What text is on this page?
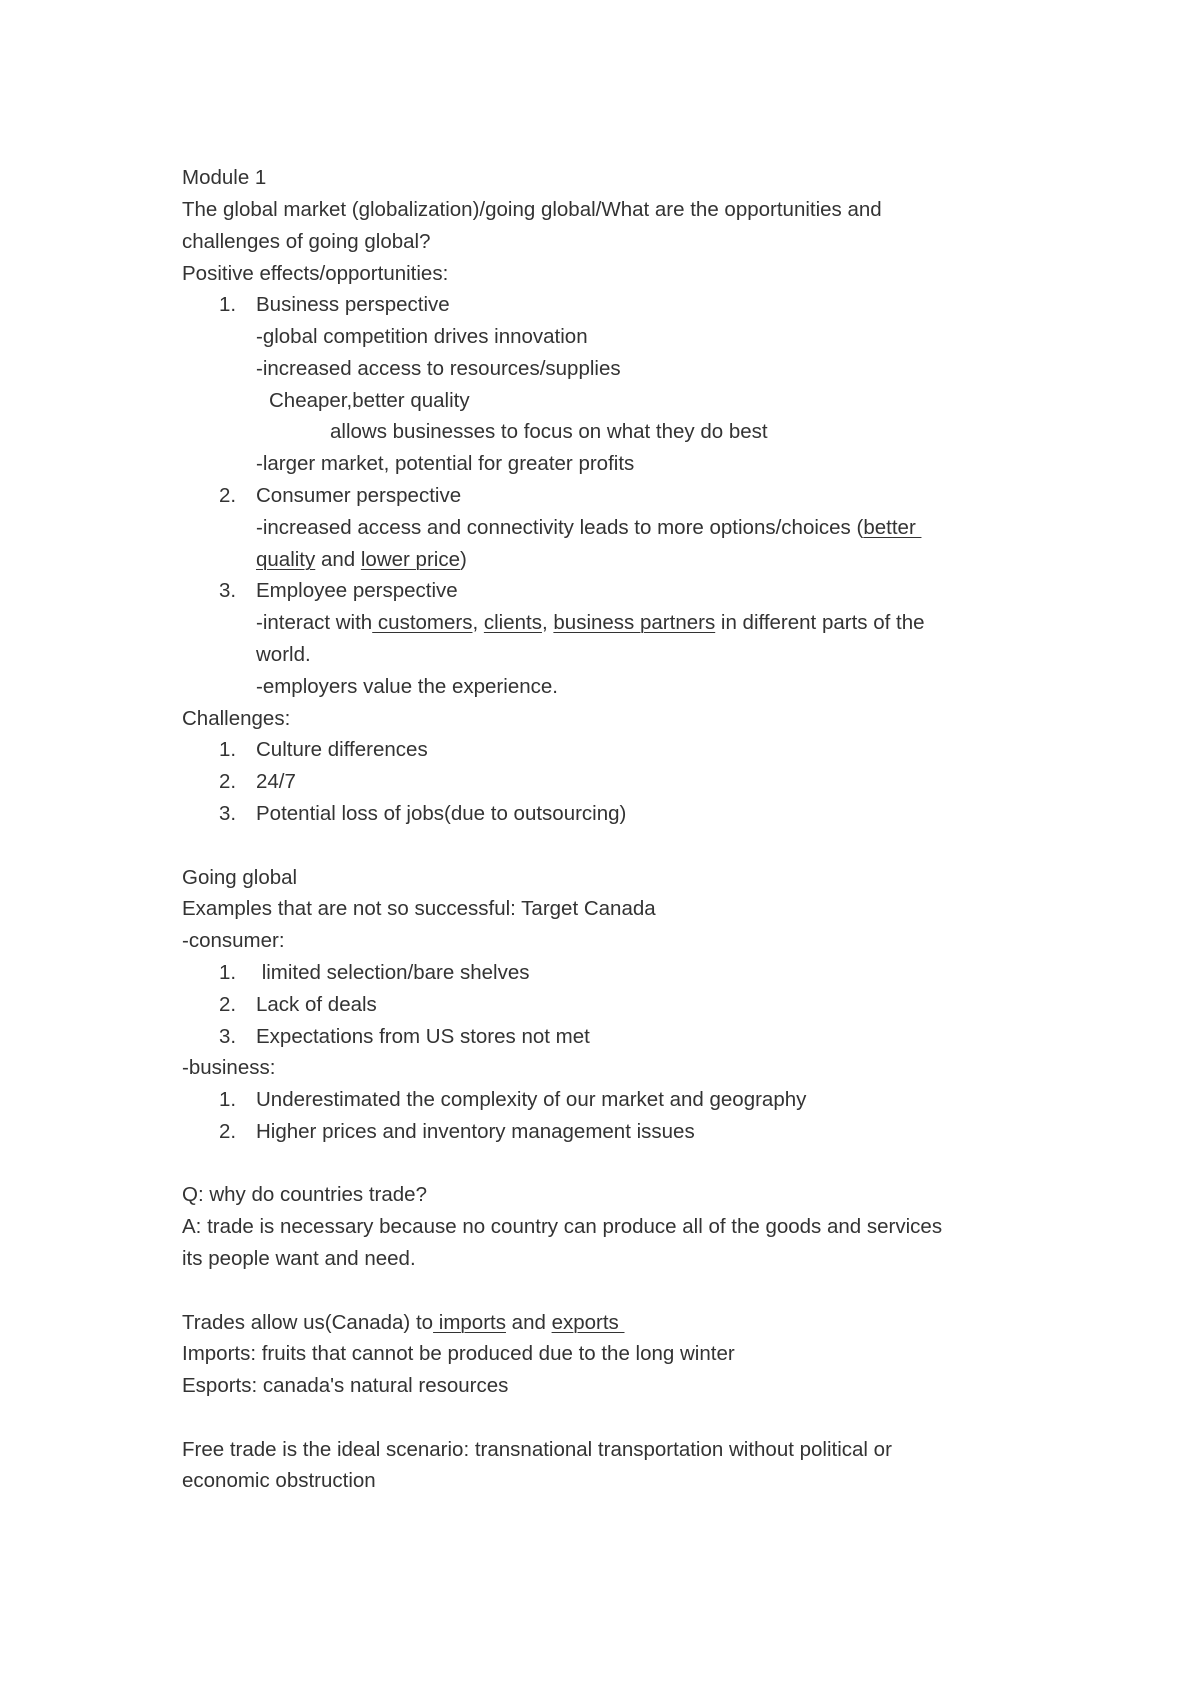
Module 1
The global market (globalization)/going global/What are the opportunities and
challenges of going global?
Positive effects/opportunities:
1. Business perspective
-global competition drives innovation
-increased access to resources/supplies
Cheaper,better quality
allows businesses to focus on what they do best
-larger market, potential for greater profits
2. Consumer perspective
-increased access and connectivity leads to more options/choices (better
quality and lower price)
3. Employee perspective
-interact with customers, clients, business partners in different parts of the
world.
-employers value the experience.
Challenges:
1. Culture differences
2. 24/7
3. Potential loss of jobs(due to outsourcing)
Going global
Examples that are not so successful: Target Canada
-consumer:
1. limited selection/bare shelves
2. Lack of deals
3. Expectations from US stores not met
-business:
1. Underestimated the complexity of our market and geography
2. Higher prices and inventory management issues
Q: why do countries trade?
A: trade is necessary because no country can produce all of the goods and services
its people want and need.
Trades allow us(Canada) to imports and exports
Imports: fruits that cannot be produced due to the long winter
Esports: canada's natural resources
Free trade is the ideal scenario: transnational transportation without political or
economic obstruction
